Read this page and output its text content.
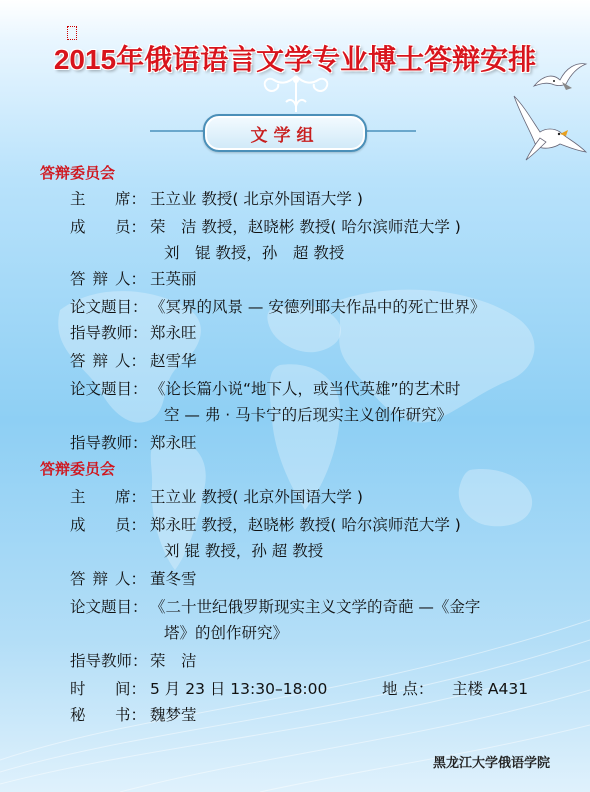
2015年俄语语言文学专业博士答辩安排
文学组
答辩委员会
主 席： 王立业 教授( 北京外国语大学 )
成 员： 荣　洁 教授，赵晓彬 教授( 哈尔滨师范大学 )
刘　锟 教授，孙　超 教授
答 辩 人： 王英丽
论文题目： 《冥界的风景 — 安德列耶夫作品中的死亡世界》
指导教师： 郑永旺
答 辩 人： 赵雪华
论文题目： 《论长篇小说“地下人，或当代英雄”的艺术时
空 — 弗 · 马卡宁的后现实主义创作研究》
指导教师： 郑永旺
答辩委员会
主 席： 王立业 教授( 北京外国语大学 )
成 员： 郑永旺 教授，赵晓彬 教授( 哈尔滨师范大学 )
刘 锟 教授，孙 超 教授
答 辩 人： 董冬雪
论文题目： 《二十世纪俄罗斯现实主义文学的奇葩 —《金字
塔》的创作研究》
指导教师： 荣　洁
时 间： 5 月 23 日 13:30–18:00	地 点： 主楼 A431
秘 书： 魏梦莹
黑龙江大学俄语学院
